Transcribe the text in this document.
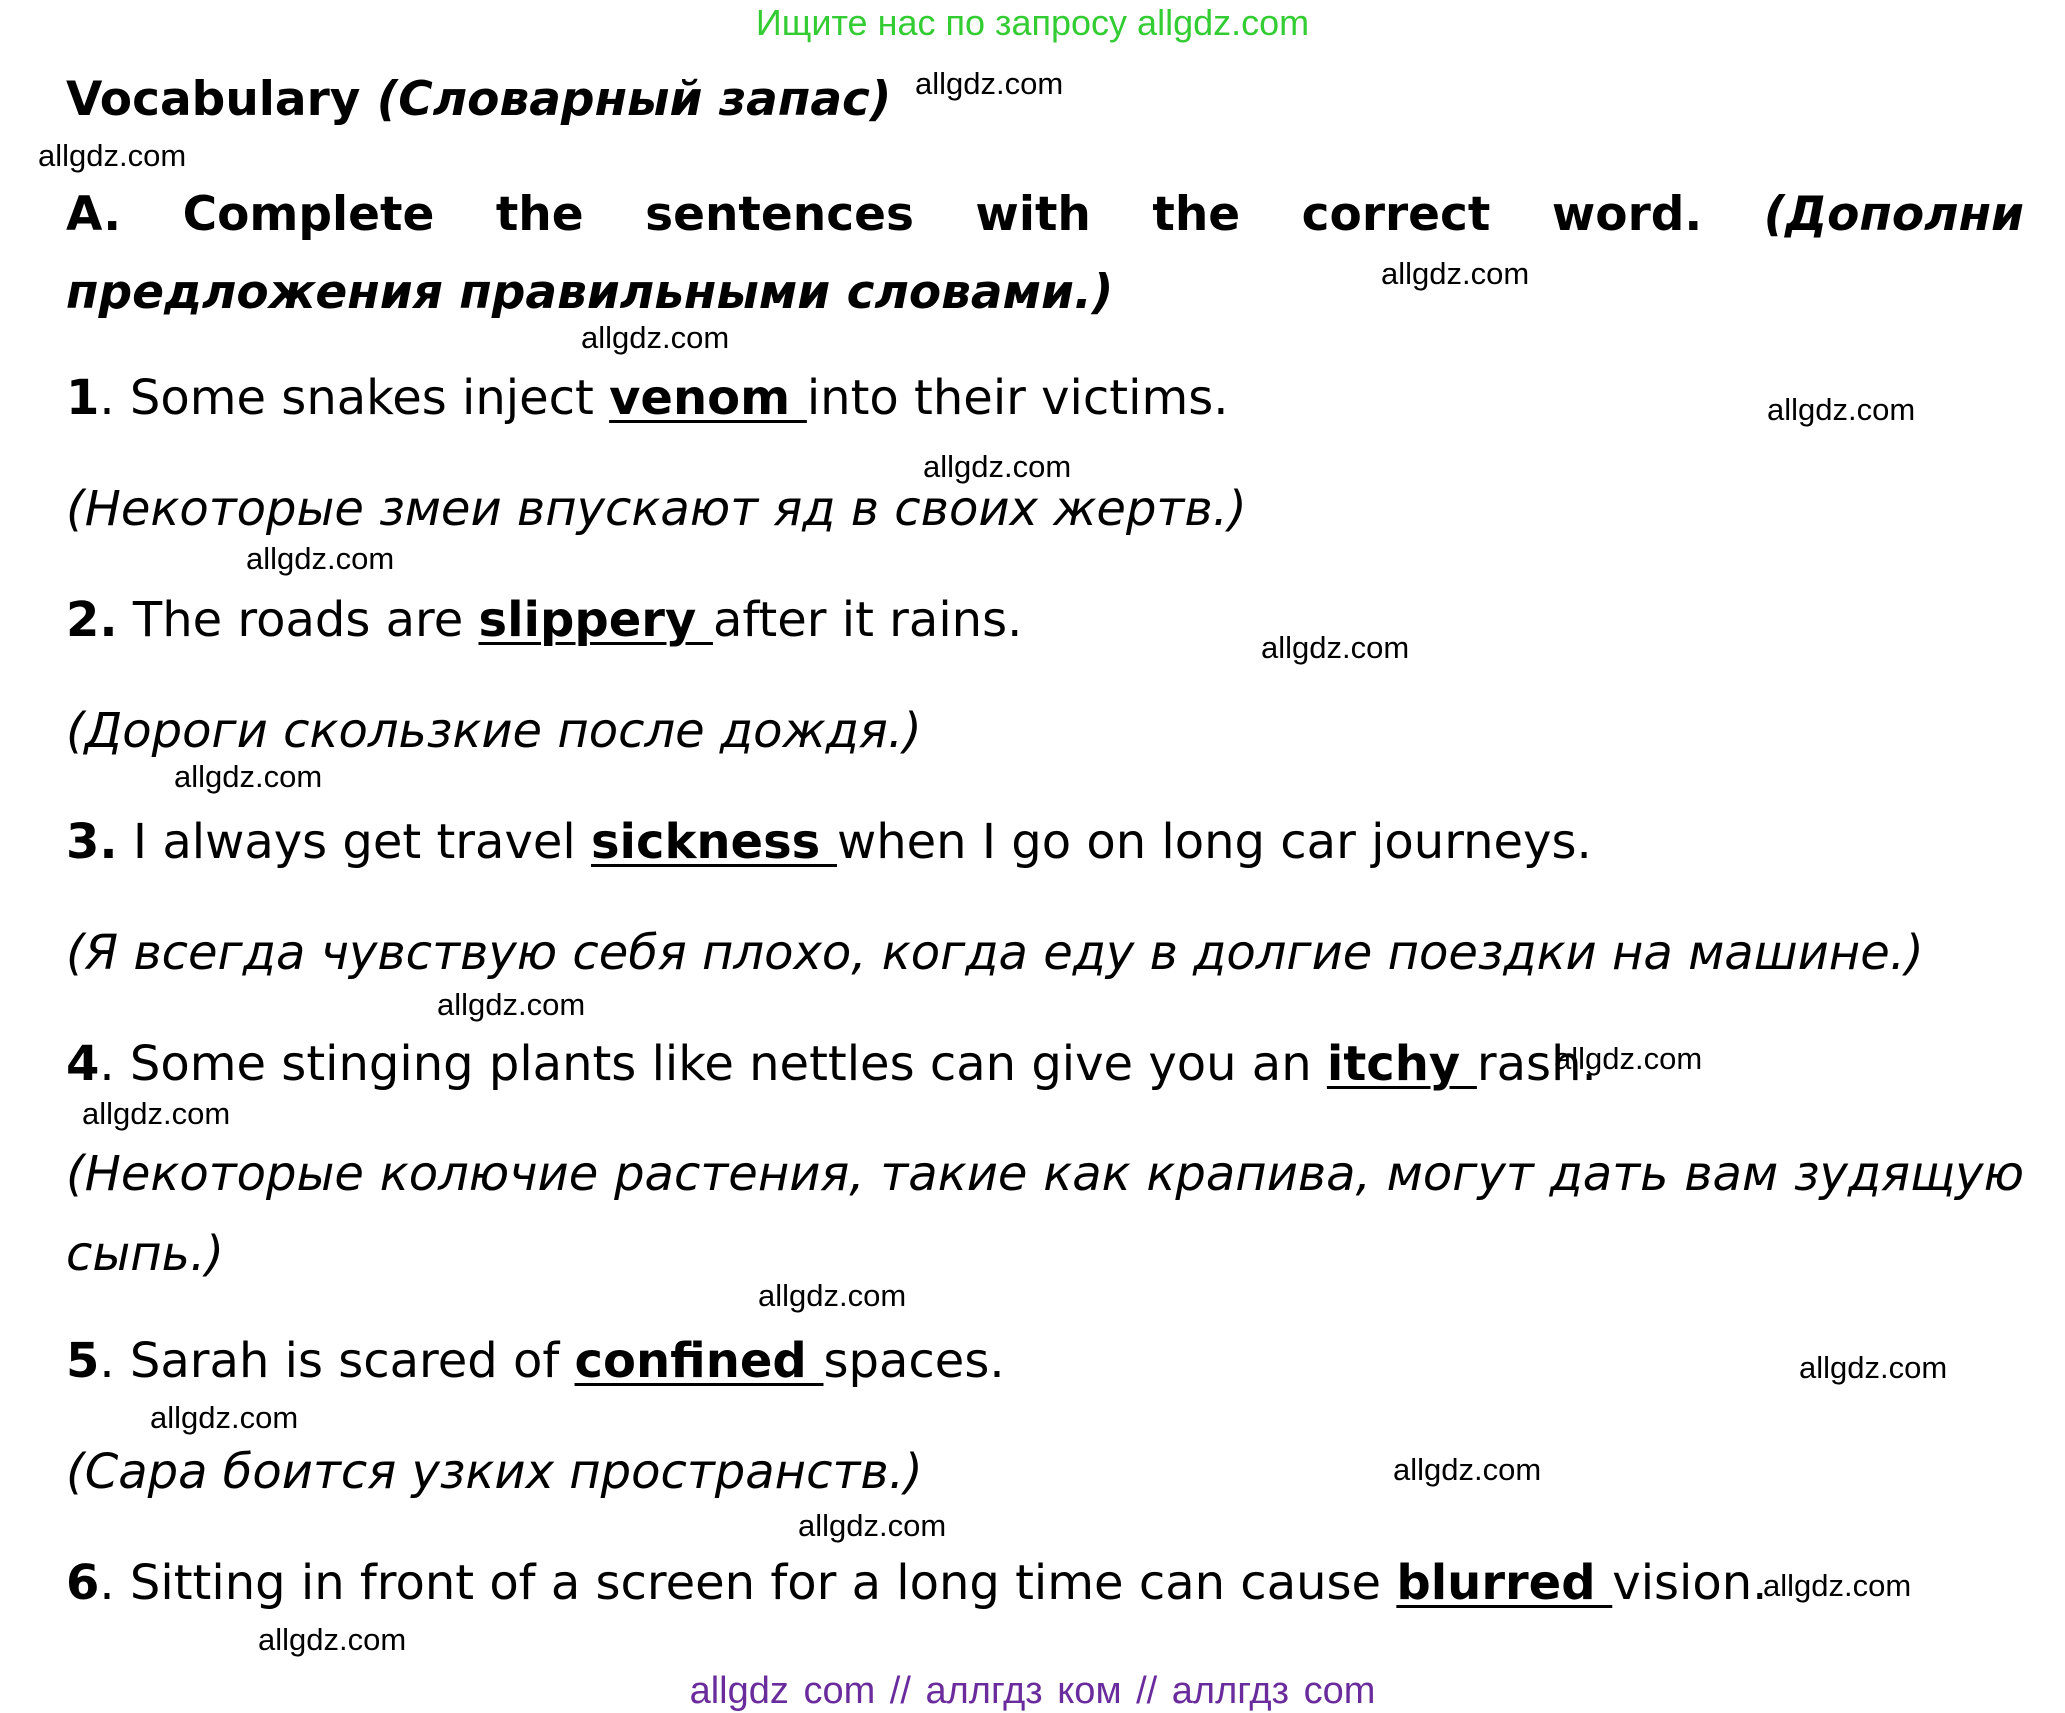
Ищите нас по запросу allgdz.com
Vocabulary (Словарный запас)
A. Complete the sentences with the correct word. (Дополни предложения правильными словами.)
1. Some snakes inject venom into their victims.
(Некоторые змеи впускают яд в своих жертв.)
2. The roads are slippery after it rains.
(Дороги скользкие после дождя.)
3. I always get travel sickness when I go on long car journeys.
(Я всегда чувствую себя плохо, когда еду в долгие поездки на машине.)
4. Some stinging plants like nettles can give you an itchy rash.
(Некоторые колючие растения, такие как крапива, могут дать вам зудящую сыпь.)
5. Sarah is scared of confined spaces.
(Сара боится узких пространств.)
6. Sitting in front of a screen for a long time can cause blurred vision.
allgdz.com
allgdz.com
allgdz.com
allgdz.com
allgdz.com
allgdz.com
allgdz.com
allgdz.com
allgdz.com
allgdz.com
allgdz.com
allgdz.com
allgdz.com
allgdz.com
allgdz.com
allgdz.com
allgdz.com
allgdz.com
allgdz.com
allgdz com // аллгдз ком // аллгдз com
